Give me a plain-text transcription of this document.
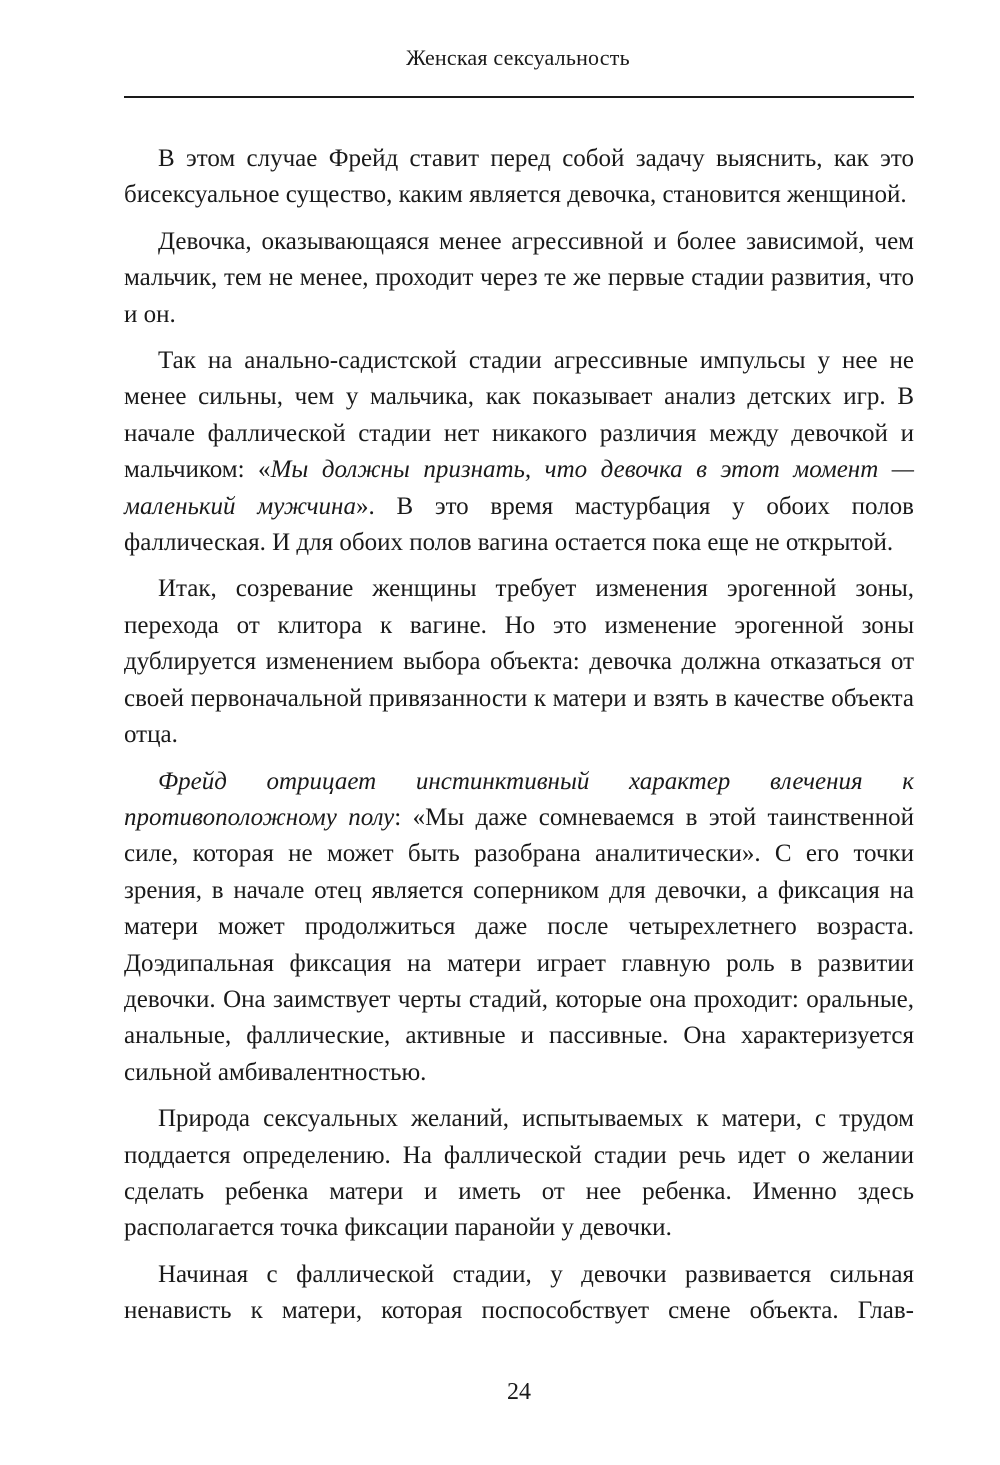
Женская сексуальность

В этом случае Фрейд ставит перед собой задачу выяснить, как это бисексуальное существо, каким является девочка, становится женщиной.

Девочка, оказывающаяся менее агрессивной и более зависимой, чем мальчик, тем не менее, проходит через те же первые стадии развития, что и он.

Так на анально-садистской стадии агрессивные импульсы у нее не менее сильны, чем у мальчика, как показывает анализ детских игр. В начале фаллической стадии нет никакого различия между девочкой и мальчиком: «Мы должны признать, что девочка в этот момент — маленький мужчина». В это время мастурбация у обоих полов фаллическая. И для обоих полов вагина остается пока еще не открытой.

Итак, созревание женщины требует изменения эрогенной зоны, перехода от клитора к вагине. Но это изменение эрогенной зоны дублируется изменением выбора объекта: девочка должна отказаться от своей первоначальной привязанности к матери и взять в качестве объекта отца.

Фрейд отрицает инстинктивный характер влечения к противоположному полу: «Мы даже сомневаемся в этой таинственной силе, которая не может быть разобрана аналитически». С его точки зрения, в начале отец является соперником для девочки, а фиксация на матери может продолжиться даже после четырехлетнего возраста. Доэдипальная фиксация на матери играет главную роль в развитии девочки. Она заимствует черты стадий, которые она проходит: оральные, анальные, фаллические, активные и пассивные. Она характеризуется сильной амбивалентностью.

Природа сексуальных желаний, испытываемых к матери, с трудом поддается определению. На фаллической стадии речь идет о желании сделать ребенка матери и иметь от нее ребенка. Именно здесь располагается точка фиксации паранойи у девочки.

Начиная с фаллической стадии, у девочки развивается сильная ненависть к матери, которая поспособствует смене объекта. Глав-

24
